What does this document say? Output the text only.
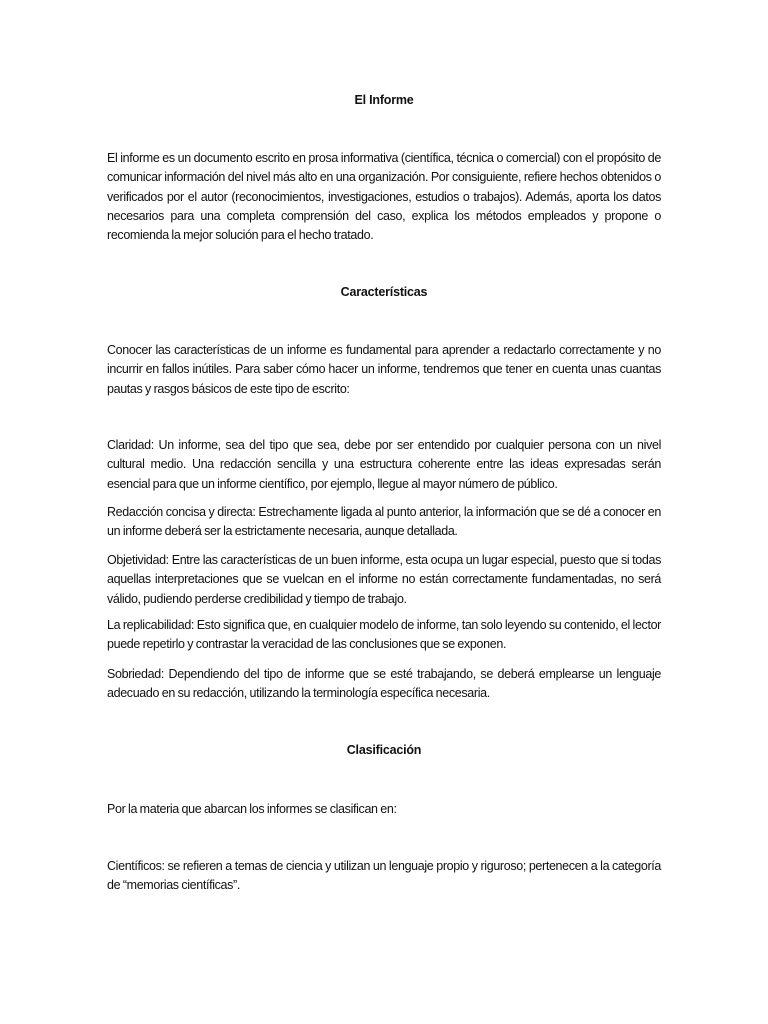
El Informe

El informe es un documento escrito en prosa informativa (científica, técnica o comercial) con el propósito de comunicar información del nivel más alto en una organización. Por consiguiente, refiere hechos obtenidos o verificados por el autor (reconocimientos, investigaciones, estudios o trabajos). Además, aporta los datos necesarios para una completa comprensión del caso, explica los métodos empleados y propone o recomienda la mejor solución para el hecho tratado.

Características

Conocer las características de un informe es fundamental para aprender a redactarlo correctamente y no incurrir en fallos inútiles. Para saber cómo hacer un informe, tendremos que tener en cuenta unas cuantas pautas y rasgos básicos de este tipo de escrito:

Claridad: Un informe, sea del tipo que sea, debe por ser entendido por cualquier persona con un nivel cultural medio. Una redacción sencilla y una estructura coherente entre las ideas expresadas serán esencial para que un informe científico, por ejemplo, llegue al mayor número de público.

Redacción concisa y directa: Estrechamente ligada al punto anterior, la información que se dé a conocer en un informe deberá ser la estrictamente necesaria, aunque detallada.

Objetividad: Entre las características de un buen informe, esta ocupa un lugar especial, puesto que si todas aquellas interpretaciones que se vuelcan en el informe no están correctamente fundamentadas, no será válido, pudiendo perderse credibilidad y tiempo de trabajo.

La replicabilidad: Esto significa que, en cualquier modelo de informe, tan solo leyendo su contenido, el lector puede repetirlo y contrastar la veracidad de las conclusiones que se exponen.

Sobriedad: Dependiendo del tipo de informe que se esté trabajando, se deberá emplearse un lenguaje adecuado en su redacción, utilizando la terminología específica necesaria.

Clasificación

Por la materia que abarcan los informes se clasifican en:

Científicos: se refieren a temas de ciencia y utilizan un lenguaje propio y riguroso; pertenecen a la categoría de “memorias científicas”.
